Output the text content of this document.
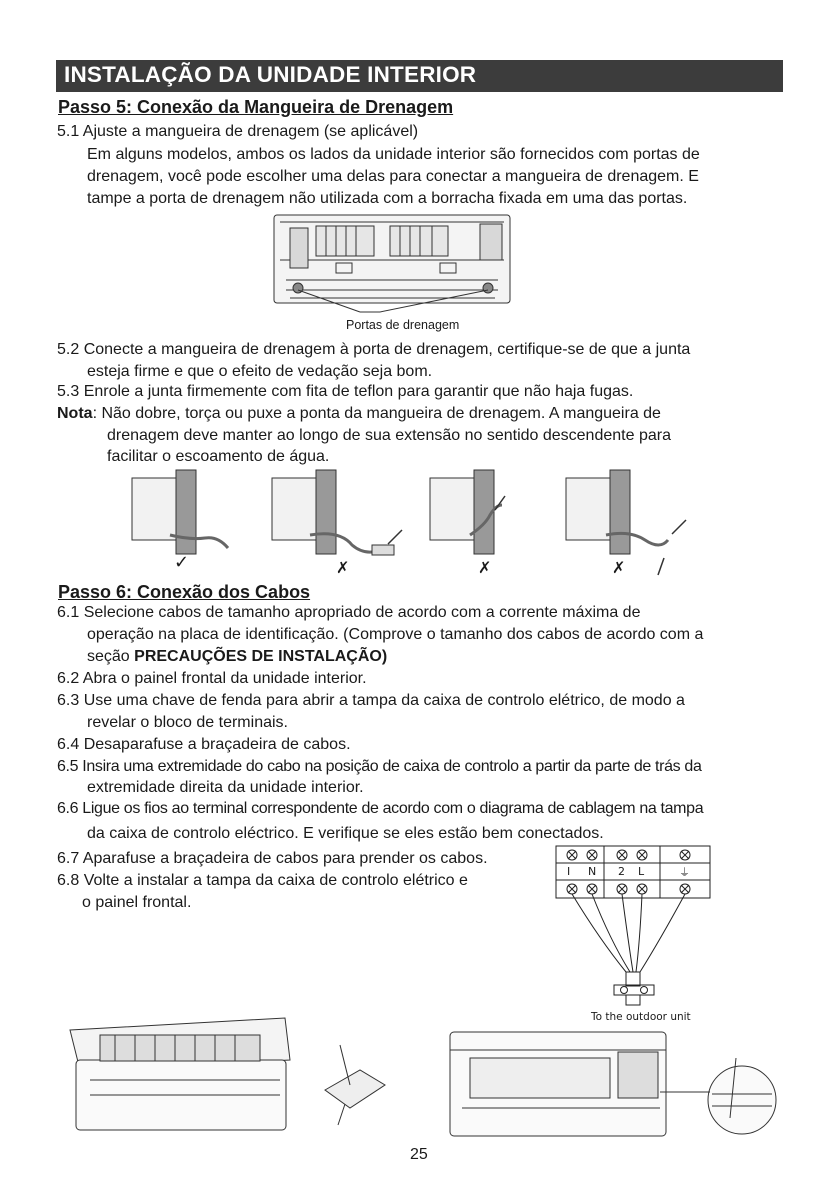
INSTALAÇÃO DA UNIDADE INTERIOR
Passo 5: Conexão da Mangueira de Drenagem
5.1 Ajuste a mangueira de drenagem (se aplicável)
Em alguns modelos, ambos os lados da unidade interior são fornecidos com portas de
drenagem, você pode escolher uma delas para conectar a mangueira de drenagem. E
tampe a porta de drenagem não utilizada com a borracha fixada em uma das portas.
Portas de drenagem
5.2 Conecte a mangueira de drenagem à porta de drenagem, certifique-se de que a junta
esteja firme e que o efeito de vedação seja bom.
5.3 Enrole a junta firmemente com fita de teflon para garantir que não haja fugas.
Nota: Não dobre, torça ou puxe a ponta da mangueira de drenagem. A mangueira de
drenagem deve manter ao longo de sua extensão no sentido descendente para
facilitar o escoamento de água.
✓	✗	✗	✗
Passo 6: Conexão dos Cabos
6.1 Selecione cabos de tamanho apropriado de acordo com a corrente máxima de
operação na placa de identificação. (Comprove o tamanho dos cabos de acordo com a
seção PRECAUÇÕES DE INSTALAÇÃO)
6.2 Abra o painel frontal da unidade interior.
6.3 Use uma chave de fenda para abrir a tampa da caixa de controlo elétrico, de modo a
revelar o bloco de terminais.
6.4 Desaparafuse a braçadeira de cabos.
6.5 Insira uma extremidade do cabo na posição de caixa de controlo a partir da parte de trás da
extremidade direita da unidade interior.
6.6 Ligue os fios ao terminal correspondente de acordo com o diagrama de cablagem na tampa
da caixa de controlo eléctrico. E verifique se eles estão bem conectados.
6.7 Aparafuse a braçadeira de cabos para prender os cabos.
6.8 Volte a instalar a tampa da caixa de controlo elétrico e
o painel frontal.
I N 2 L	⏚
To the outdoor unit
25
